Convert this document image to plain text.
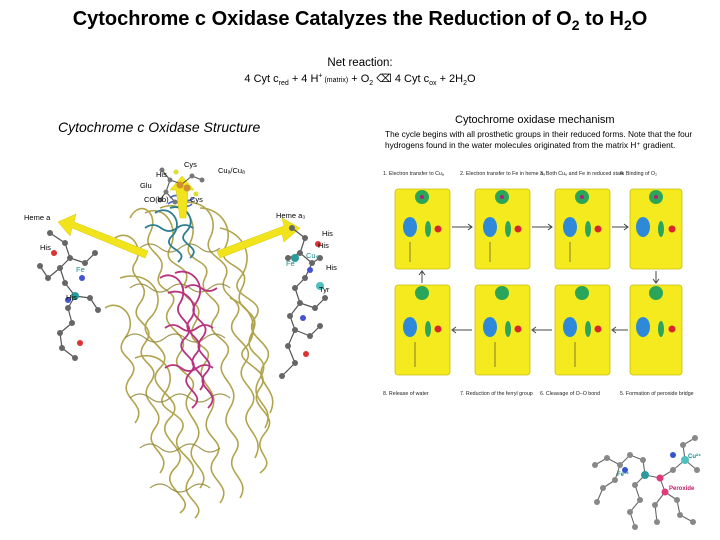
Cytochrome c Oxidase Catalyzes the Reduction of $O_2$ to $H_2O$
Net reaction:
4 Cyt $c_{red} + 4$ H+ (matrix) + $O_2$ ⌫ 4 Cyt $c_{ox} + 2H_2O$
Cytochrome c Oxidase Structure
Heme a
His
Fe
His
Cys
His
Glu
CO(bb)	Cys
Cuₐ/Cuₐ
Heme a₃
His
His
His
Tyr
Cu₆
Fe
Cytochrome oxidase mechanism
The cycle begins with all prosthetic groups in their reduced forms. Note that the four hydrogens found in the water molecules originated from the matrix H⁺ gradient.
1. Electron transfer to Cuₐ	2. Electron transfer to Fe in heme a₃
3. Both Cu₆ and Fe in reduced state
4. Binding of O₂
8. Release of water	7. Reduction of the ferryl group 6. Cleavage of O–O bond	5. Formation of peroxide bridge
Cu²⁺
Fe³⁺
Peroxide
